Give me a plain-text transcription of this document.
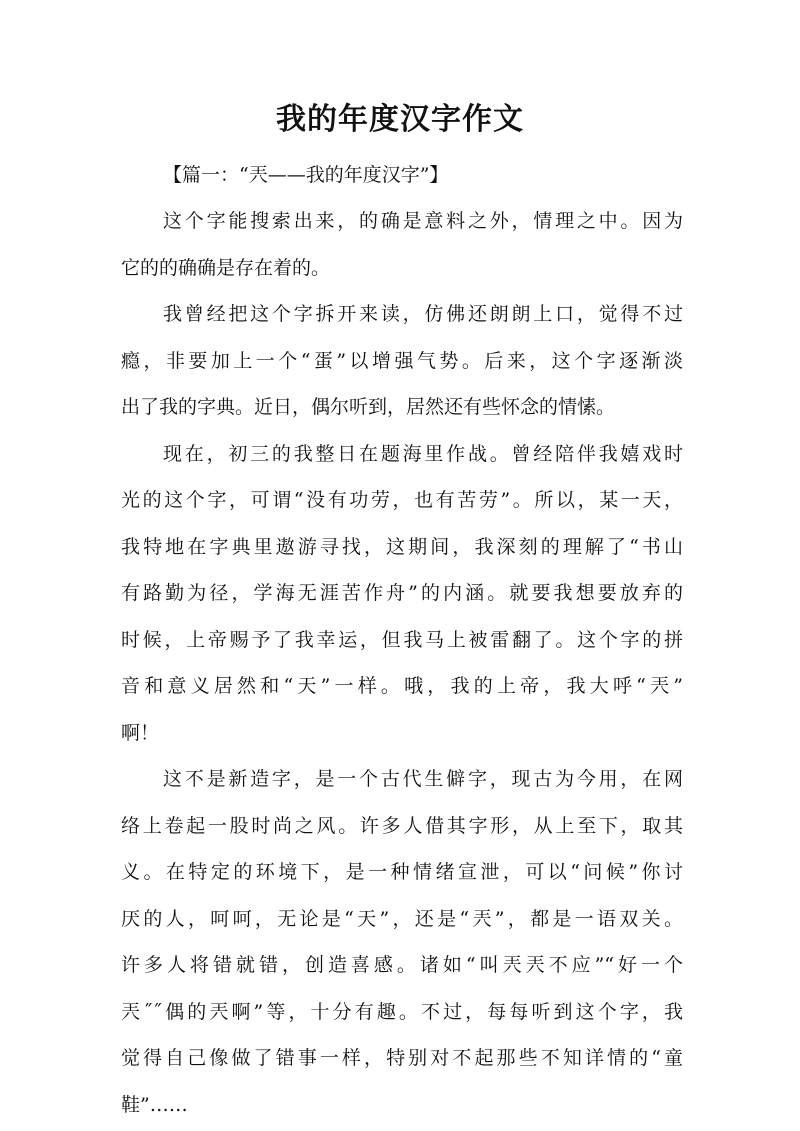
我的年度汉字作文

【篇一：“兲——我的年度汉字”】

这个字能搜索出来，的确是意料之外，情理之中。因为
它的的确确是存在着的。

我曾经把这个字拆开来读，仿佛还朗朗上口，觉得不过
瘾，非要加上一个“蛋”以增强气势。后来，这个字逐渐淡
出了我的字典。近日，偶尔听到，居然还有些怀念的情愫。

现在，初三的我整日在题海里作战。曾经陪伴我嬉戏时
光的这个字，可谓“没有功劳，也有苦劳”。所以，某一天，
我特地在字典里遨游寻找，这期间，我深刻的理解了“书山
有路勤为径，学海无涯苦作舟”的内涵。就要我想要放弃的
时候，上帝赐予了我幸运，但我马上被雷翻了。这个字的拼
音和意义居然和“天”一样。哦，我的上帝，我大呼“兲”
啊！

这不是新造字，是一个古代生僻字，现古为今用，在网
络上卷起一股时尚之风。许多人借其字形，从上至下，取其
义。在特定的环境下，是一种情绪宣泄，可以“问候”你讨
厌的人，呵呵，无论是“天”，还是“兲”，都是一语双关。
许多人将错就错，创造喜感。诸如“叫兲兲不应”“好一个
兲˝˝偶的兲啊”等，十分有趣。不过，每每听到这个字，我
觉得自己像做了错事一样，特别对不起那些不知详情的“童
鞋”……
